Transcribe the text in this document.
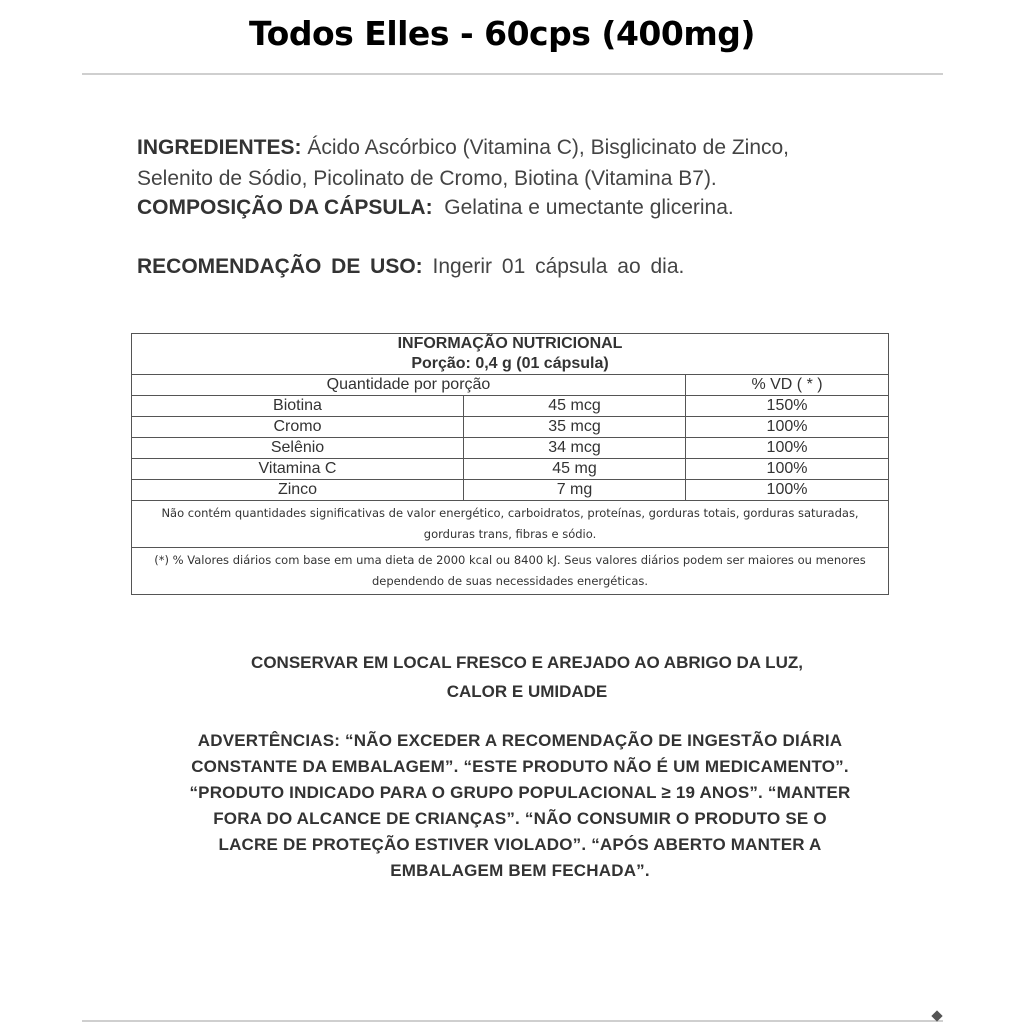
Todos Elles - 60cps (400mg)
INGREDIENTES: Ácido Ascórbico (Vitamina C), Bisglicinato de Zinco,
Selenito de Sódio, Picolinato de Cromo, Biotina (Vitamina B7).
COMPOSIÇÃO DA CÁPSULA: Gelatina e umectante glicerina.
RECOMENDAÇÃO DE USO: Ingerir 01 cápsula ao dia.
INFORMAÇÃO NUTRICIONAL
Porção: 0,4 g (01 cápsula)		

Quantidade por porção		% VD ( * )
Biotina	45 mcg	150%
Cromo	35 mcg	100%
Selênio	34 mcg	100%
Vitamina C	45 mg	100%
Zinco	7 mg	100%
Não contém quantidades significativas de valor energético, carboidratos, proteínas, gorduras totais, gorduras saturadas, gorduras trans, fibras e sódio.		
(*) % Valores diários com base em uma dieta de 2000 kcal ou 8400 kJ. Seus valores diários podem ser maiores ou menores dependendo de suas necessidades energéticas.		
CONSERVAR EM LOCAL FRESCO E AREJADO AO ABRIGO DA LUZ,
CALOR E UMIDADE
ADVERTÊNCIAS: “NÃO EXCEDER A RECOMENDAÇÃO DE INGESTÃO DIÁRIA
CONSTANTE DA EMBALAGEM”. “ESTE PRODUTO NÃO É UM MEDICAMENTO”.
“PRODUTO INDICADO PARA O GRUPO POPULACIONAL ≥ 19 ANOS”. “MANTER
FORA DO ALCANCE DE CRIANÇAS”. “NÃO CONSUMIR O PRODUTO SE O
LACRE DE PROTEÇÃO ESTIVER VIOLADO”. “APÓS ABERTO MANTER A
EMBALAGEM BEM FECHADA”.
